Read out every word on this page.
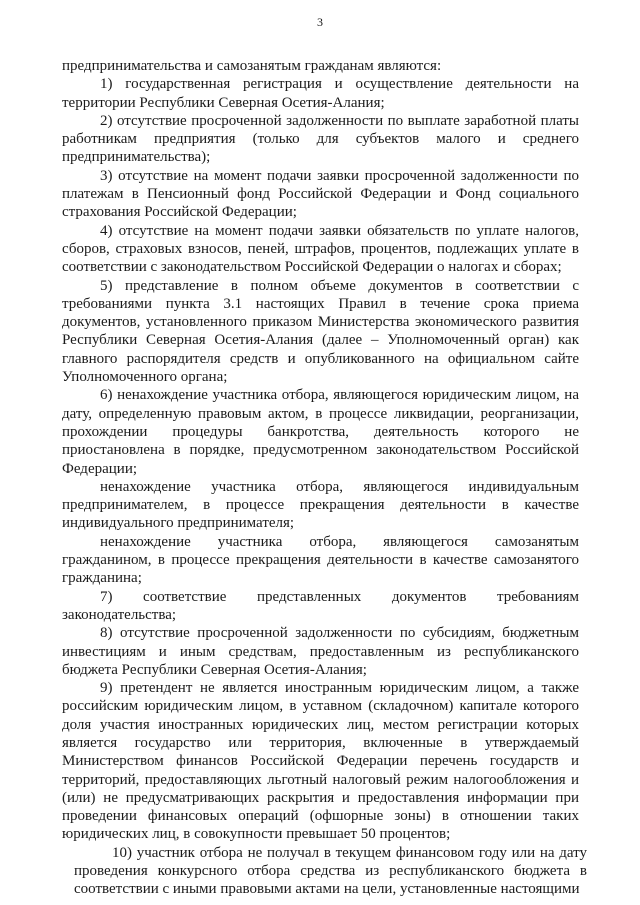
3

предпринимательства и самозанятым гражданам являются:

1) государственная регистрация и осуществление деятельности на территории Республики Северная Осетия-Алания;

2) отсутствие просроченной задолженности по выплате заработной платы работникам предприятия (только для субъектов малого и среднего предпринимательства);

3) отсутствие на момент подачи заявки просроченной задолженности по платежам в Пенсионный фонд Российской Федерации и Фонд социального страхования Российской Федерации;

4) отсутствие на момент подачи заявки обязательств по уплате налогов, сборов, страховых взносов, пеней, штрафов, процентов, подлежащих уплате в соответствии с законодательством Российской Федерации о налогах и сборах;

5) представление в полном объеме документов в соответствии с требованиями пункта 3.1 настоящих Правил в течение срока приема документов, установленного приказом Министерства экономического развития Республики Северная Осетия-Алания (далее – Уполномоченный орган) как главного распорядителя средств и опубликованного на официальном сайте Уполномоченного органа;

6) ненахождение участника отбора, являющегося юридическим лицом, на дату, определенную правовым актом, в процессе ликвидации, реорганизации, прохождении процедуры банкротства, деятельность которого не приостановлена в порядке, предусмотренном законодательством Российской Федерации;

ненахождение участника отбора, являющегося индивидуальным предпринимателем, в процессе прекращения деятельности в качестве индивидуального предпринимателя;

ненахождение участника отбора, являющегося самозанятым гражданином, в процессе прекращения деятельности в качестве самозанятого гражданина;

7) соответствие представленных документов требованиям законодательства;

8) отсутствие просроченной задолженности по субсидиям, бюджетным инвестициям и иным средствам, предоставленным из республиканского бюджета Республики Северная Осетия-Алания;

9) претендент не является иностранным юридическим лицом, а также российским юридическим лицом, в уставном (складочном) капитале которого доля участия иностранных юридических лиц, местом регистрации которых является государство или территория, включенные в утверждаемый Министерством финансов Российской Федерации перечень государств и территорий, предоставляющих льготный налоговый режим налогообложения и (или) не предусматривающих раскрытия и предоставления информации при проведении финансовых операций (офшорные зоны) в отношении таких юридических лиц, в совокупности превышает 50 процентов;

10) участник отбора не получал в текущем финансовом году или на дату проведения конкурсного отбора средства из республиканского бюджета в соответствии с иными правовыми актами на цели, установленные настоящими
